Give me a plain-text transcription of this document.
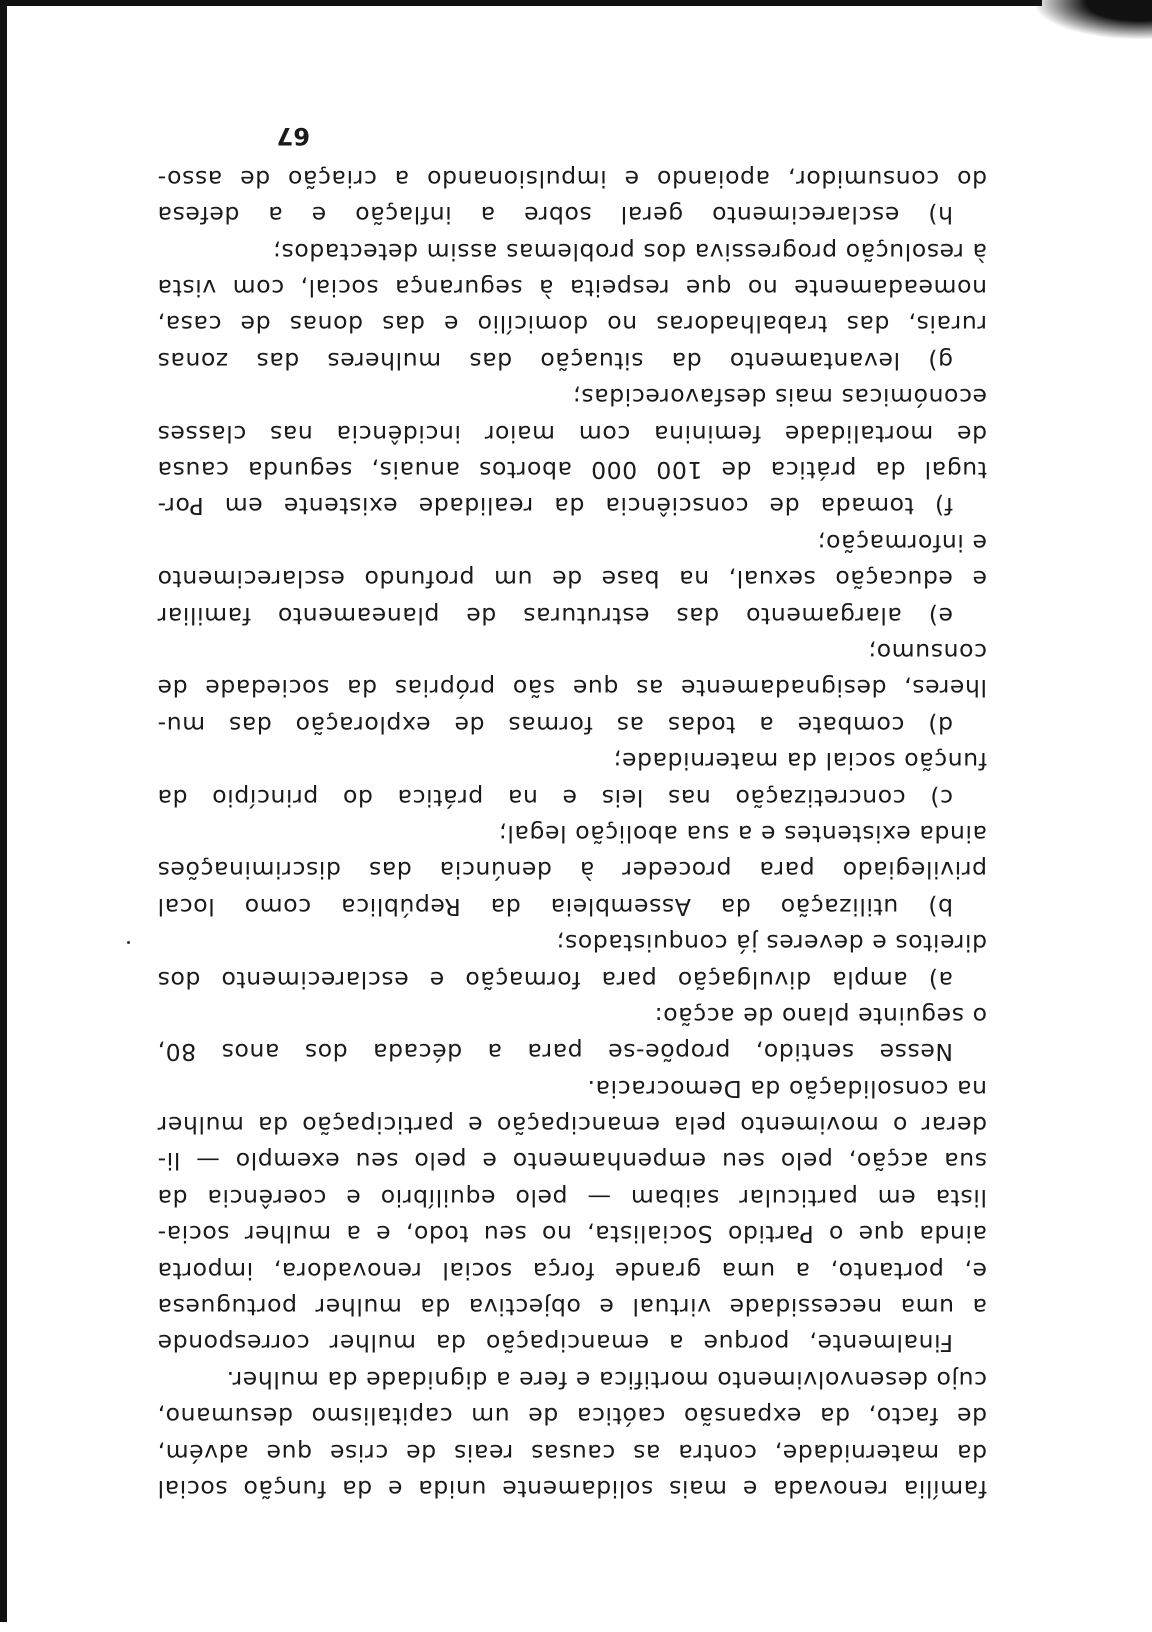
família renovada e mais solidamente unida e da função social
da maternidade, contra as causas reais de crise que advém,
de facto, da expansão caótica de um capitalismo desumano,
cujo desenvolvimento mortifica e fere a dignidade da mulher.
Finalmente, porque a emancipação da mulher corresponde
a uma necessidade virtual e objectiva da mulher portuguesa
e, portanto, a uma grande força social renovadora, importa
ainda que o Partido Socialista, no seu todo, e a mulher socia-
lista em particular saibam — pelo equilíbrio e coerência da
sua acção, pelo seu empenhamento e pelo seu exemplo — li-
derar o movimento pela emancipação e participação da mulher
na consolidação da Democracia.
Nesse sentido, propõe-se para a década dos anos 80,
o seguinte plano de acção:
a) ampla divulgação para formação e esclarecimento dos
direitos e deveres já conquistados;
b) utilização da Assembleia da República como local
privilegiado para proceder à denúncia das discriminações
ainda existentes e a sua abolição legal;
c) concretização nas leis e na prática do princípio da
função social da maternidade;
d) combate a todas as formas de exploração das mu-
lheres, designadamente as que são próprias da sociedade de
consumo;
e) alargamento das estruturas de planeamento familiar
e educação sexual, na base de um profundo esclarecimento
e informação;
f) tomada de consciência da realidade existente em Por-
tugal da prática de 100 000 abortos anuais, segunda causa
de mortalidade feminina com maior incidência nas classes
económicas mais desfavorecidas;
g) levantamento da situação das mulheres das zonas
rurais, das trabalhadoras no domicílio e das donas de casa,
nomeadamente no que respeita à segurança social, com vista
à resolução progressiva dos problemas assim detectados;
h) esclarecimento geral sobre a inflação e a defesa
do consumidor, apoiando e impulsionando a criação de asso-
67
